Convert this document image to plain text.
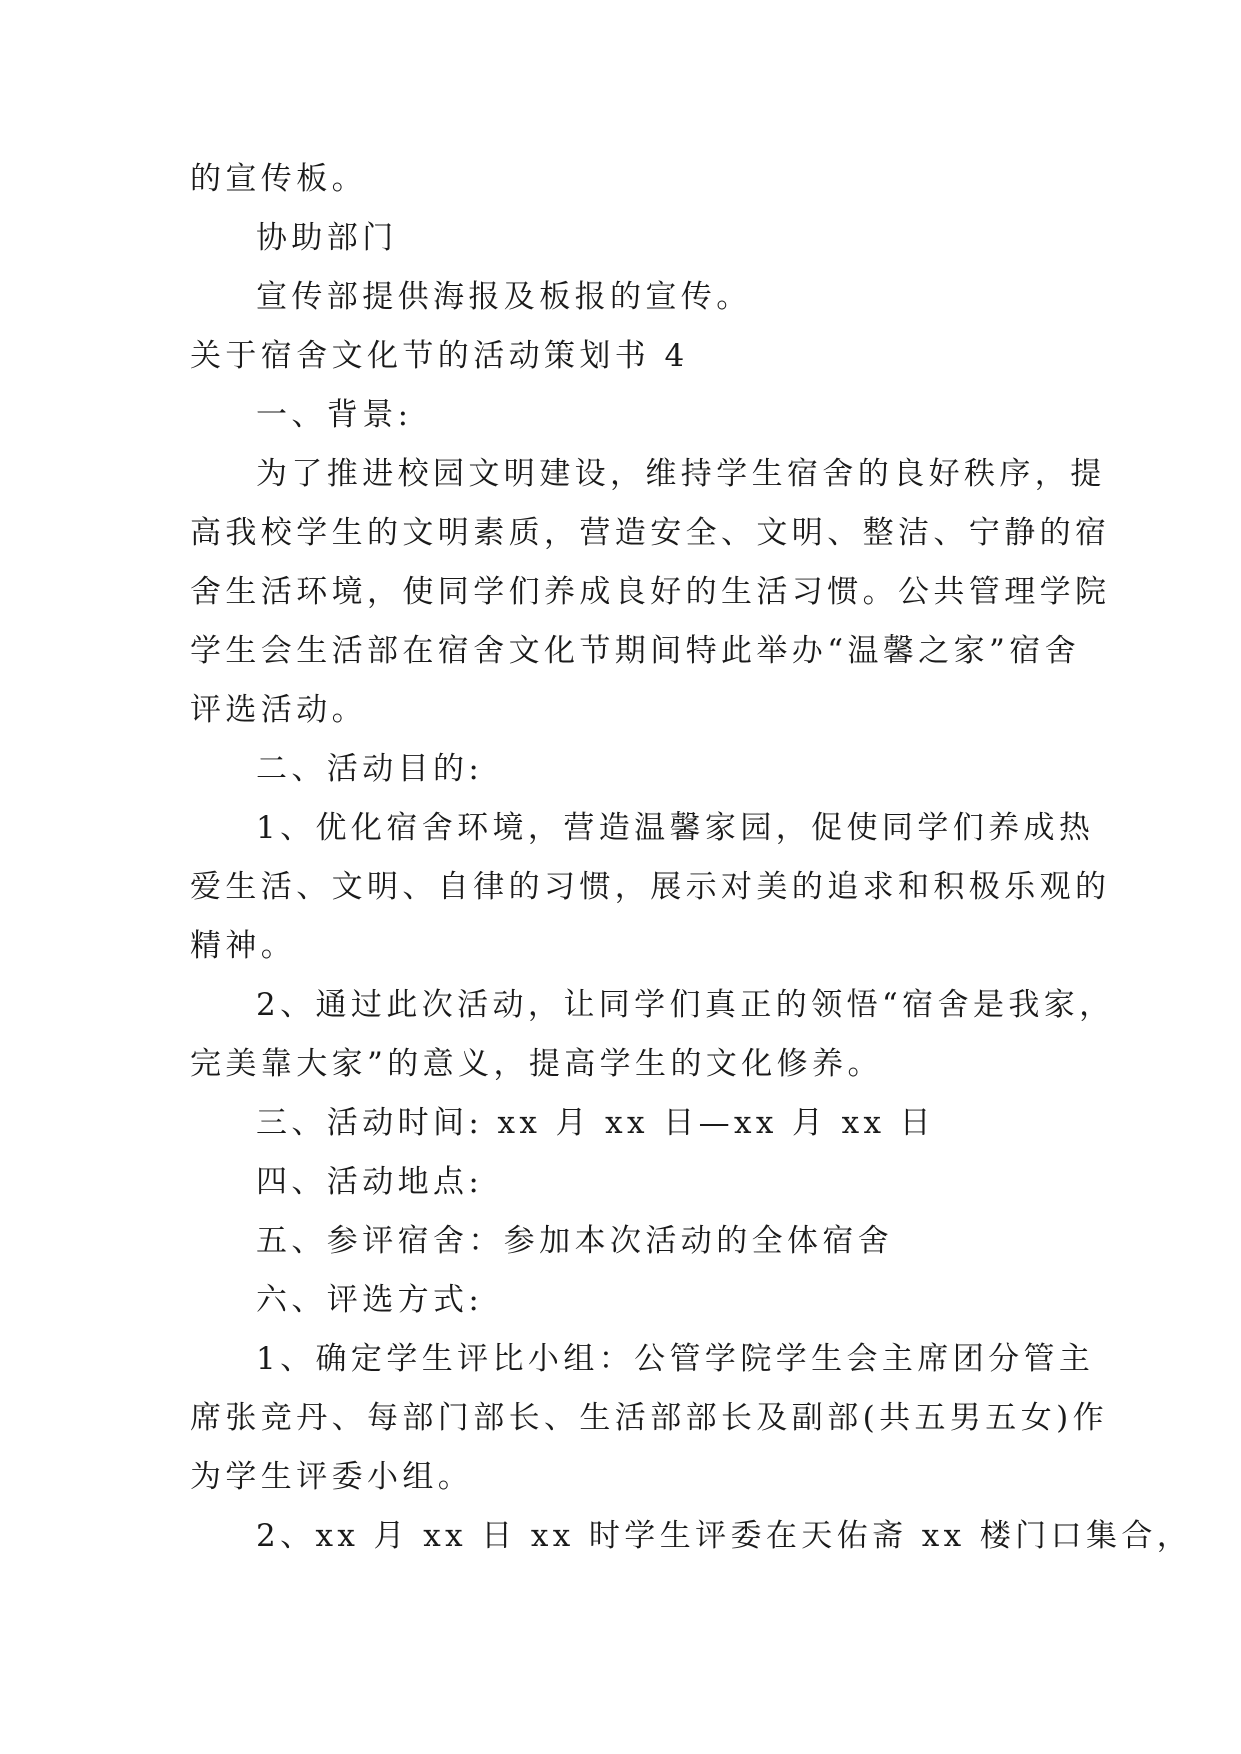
的宣传板。
协助部门
宣传部提供海报及板报的宣传。
关于宿舍文化节的活动策划书 4
一、背景:
为了推进校园文明建设，维持学生宿舍的良好秩序，提
高我校学生的文明素质，营造安全、文明、整洁、宁静的宿
舍生活环境，使同学们养成良好的生活习惯。公共管理学院
学生会生活部在宿舍文化节期间特此举办“温馨之家”宿舍
评选活动。
二、活动目的:
1、优化宿舍环境，营造温馨家园，促使同学们养成热
爱生活、文明、自律的习惯，展示对美的追求和积极乐观的
精神。
2、通过此次活动，让同学们真正的领悟“宿舍是我家，
完美靠大家”的意义，提高学生的文化修养。
三、活动时间: xx 月 xx 日—xx 月 xx 日
四、活动地点:
五、参评宿舍：参加本次活动的全体宿舍
六、评选方式:
1、确定学生评比小组：公管学院学生会主席团分管主
席张竞丹、每部门部长、生活部部长及副部(共五男五女)作
为学生评委小组。
2、xx 月 xx 日 xx 时学生评委在天佑斋 xx 楼门口集合，
